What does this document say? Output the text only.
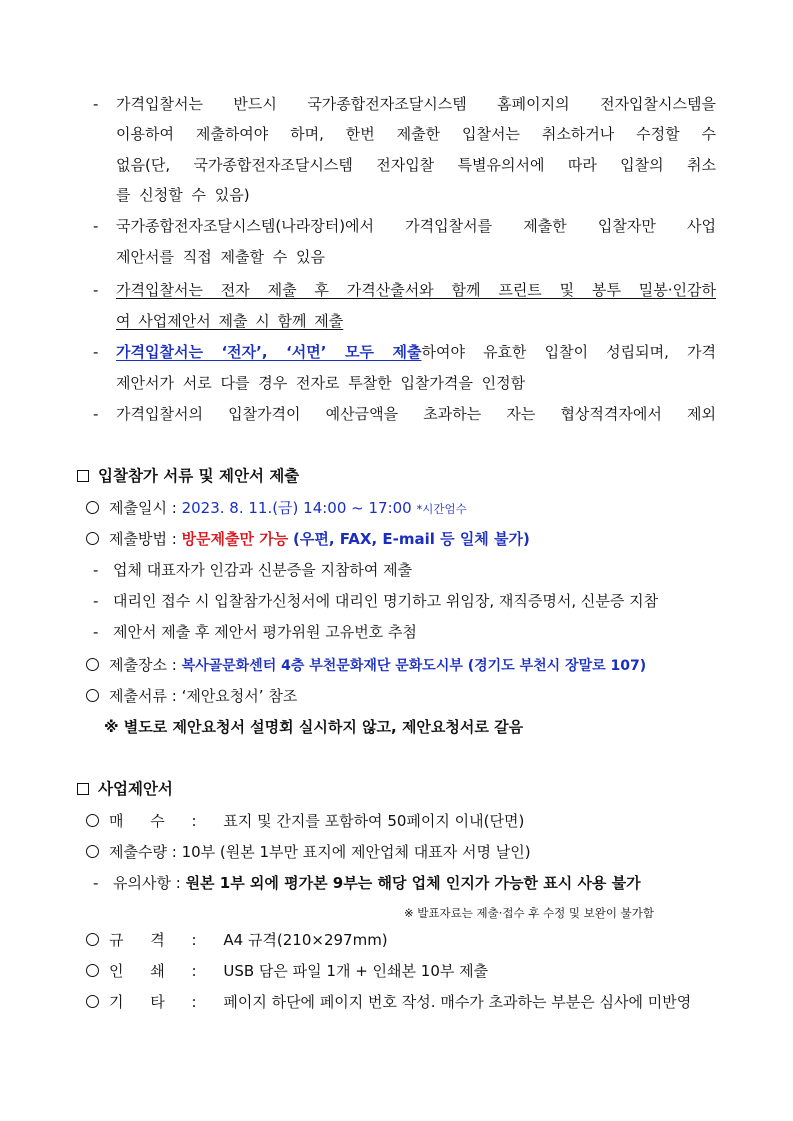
- 가격입찰서는 반드시 국가종합전자조달시스템 홈페이지의 전자입찰시스템을
이용하여 제출하여야 하며, 한번 제출한 입찰서는 취소하거나 수정할 수
없음(단, 국가종합전자조달시스템 전자입찰 특별유의서에 따라 입찰의 취소
를 신청할 수 있음)
- 국가종합전자조달시스템(나라장터)에서 가격입찰서를 제출한 입찰자만 사업
제안서를 직접 제출할 수 있음
- 가격입찰서는 전자 제출 후 가격산출서와 함께 프린트 및 봉투 밀봉·인감하
여 사업제안서 제출 시 함께 제출
- 가격입찰서는 ‘전자’, ‘서면’ 모두 제출하여야 유효한 입찰이 성립되며, 가격
제안서가 서로 다를 경우 전자로 투찰한 입찰가격을 인정함
- 가격입찰서의 입찰가격이 예산금액을 초과하는 자는 협상적격자에서 제외
입찰참가 서류 및 제안서 제출
제출일시 : 2023. 8. 11.(금) 14:00 ~ 17:00 *시간엄수
제출방법 : 방문제출만 가능 (우편, FAX, E-mail 등 일체 불가)
- 업체 대표자가 인감과 신분증을 지참하여 제출
- 대리인 접수 시 입찰참가신청서에 대리인 명기하고 위임장, 재직증명서, 신분증 지참
- 제안서 제출 후 제안서 평가위원 고유번호 추첨
제출장소 : 복사골문화센터 4층 부천문화재단 문화도시부 (경기도 부천시 장말로 107)
제출서류 : ‘제안요청서’ 참조
※ 별도로 제안요청서 설명회 실시하지 않고, 제안요청서로 갈음
사업제안서
매 수 : 표지 및 간지를 포함하여 50페이지 이내(단면)
제출수량 : 10부 (원본 1부만 표지에 제안업체 대표자 서명 날인)
- 유의사항 : 원본 1부 외에 평가본 9부는 해당 업체 인지가 가능한 표시 사용 불가
※ 발표자료는 제출·접수 후 수정 및 보완이 불가함
규 격 : A4 규격(210×297mm)
인 쇄 : USB 담은 파일 1개 + 인쇄본 10부 제출
기 타 : 페이지 하단에 페이지 번호 작성. 매수가 초과하는 부분은 심사에 미반영
